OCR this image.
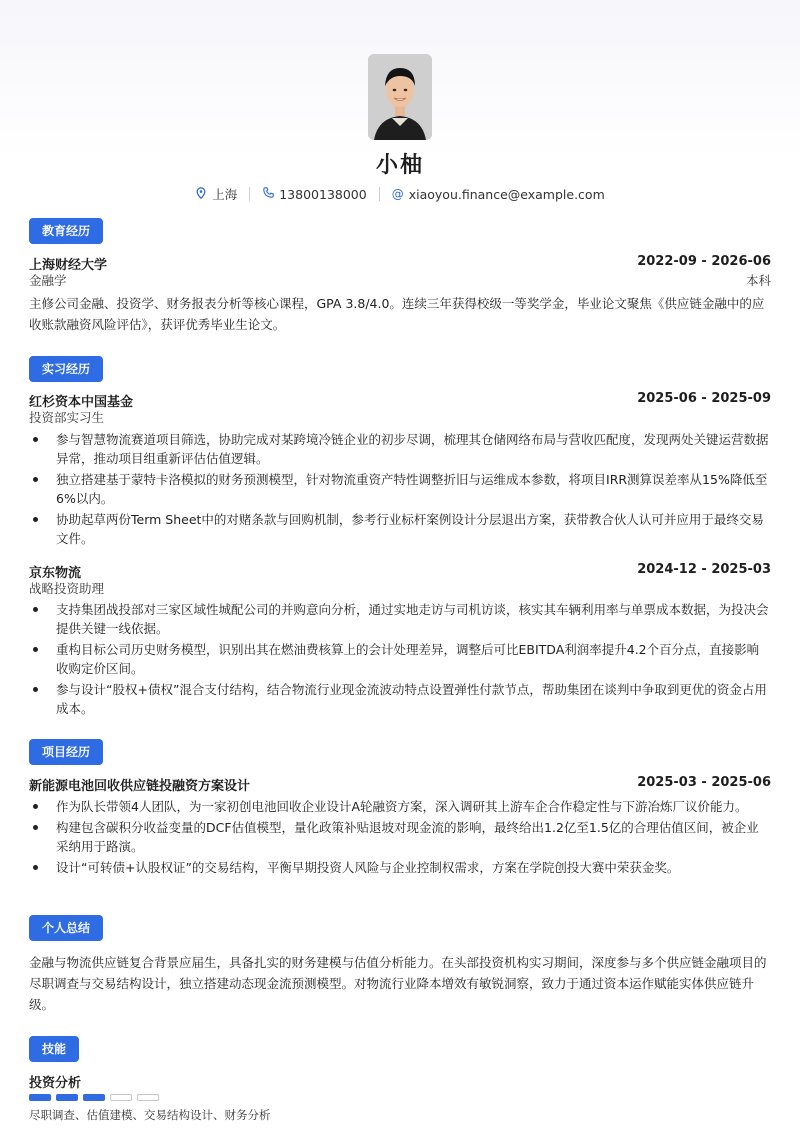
小柚
上海	13800138000 @ xiaoyou.finance@example.com
教育经历
上海财经大学	2022-09 - 2026-06
金融学	本科
主修公司金融、投资学、财务报表分析等核心课程，GPA 3.8/4.0。连续三年获得校级一等奖学金，毕业论文聚焦《供应链金融中的应收账款融资风险评估》，获评优秀毕业生论文。
实习经历
红杉资本中国基金	2025-06 - 2025-09
投资部实习生
参与智慧物流赛道项目筛选，协助完成对某跨境冷链企业的初步尽调，梳理其仓储网络布局与营收匹配度，发现两处关键运营数据异常，推动项目组重新评估估值逻辑。
独立搭建基于蒙特卡洛模拟的财务预测模型，针对物流重资产特性调整折旧与运维成本参数，将项目IRR测算误差率从15%降低至6%以内。
协助起草两份Term Sheet中的对赌条款与回购机制，参考行业标杆案例设计分层退出方案，获带教合伙人认可并应用于最终交易文件。
京东物流	2024-12 - 2025-03
战略投资助理
支持集团战投部对三家区域性城配公司的并购意向分析，通过实地走访与司机访谈，核实其车辆利用率与单票成本数据，为投决会提供关键一线依据。
重构目标公司历史财务模型，识别出其在燃油费核算上的会计处理差异，调整后可比EBITDA利润率提升4.2个百分点，直接影响收购定价区间。
参与设计“股权+债权”混合支付结构，结合物流行业现金流波动特点设置弹性付款节点，帮助集团在谈判中争取到更优的资金占用成本。
项目经历
新能源电池回收供应链投融资方案设计	2025-03 - 2025-06
作为队长带领4人团队，为一家初创电池回收企业设计A轮融资方案，深入调研其上游车企合作稳定性与下游冶炼厂议价能力。
构建包含碳积分收益变量的DCF估值模型，量化政策补贴退坡对现金流的影响，最终给出1.2亿至1.5亿的合理估值区间，被企业采纳用于路演。
设计“可转债+认股权证”的交易结构，平衡早期投资人风险与企业控制权需求，方案在学院创投大赛中荣获金奖。
个人总结
金融与物流供应链复合背景应届生，具备扎实的财务建模与估值分析能力。在头部投资机构实习期间，深度参与多个供应链金融项目的尽职调查与交易结构设计，独立搭建动态现金流预测模型。对物流行业降本增效有敏锐洞察，致力于通过资本运作赋能实体供应链升级。
技能
投资分析
尽职调查、估值建模、交易结构设计、财务分析
